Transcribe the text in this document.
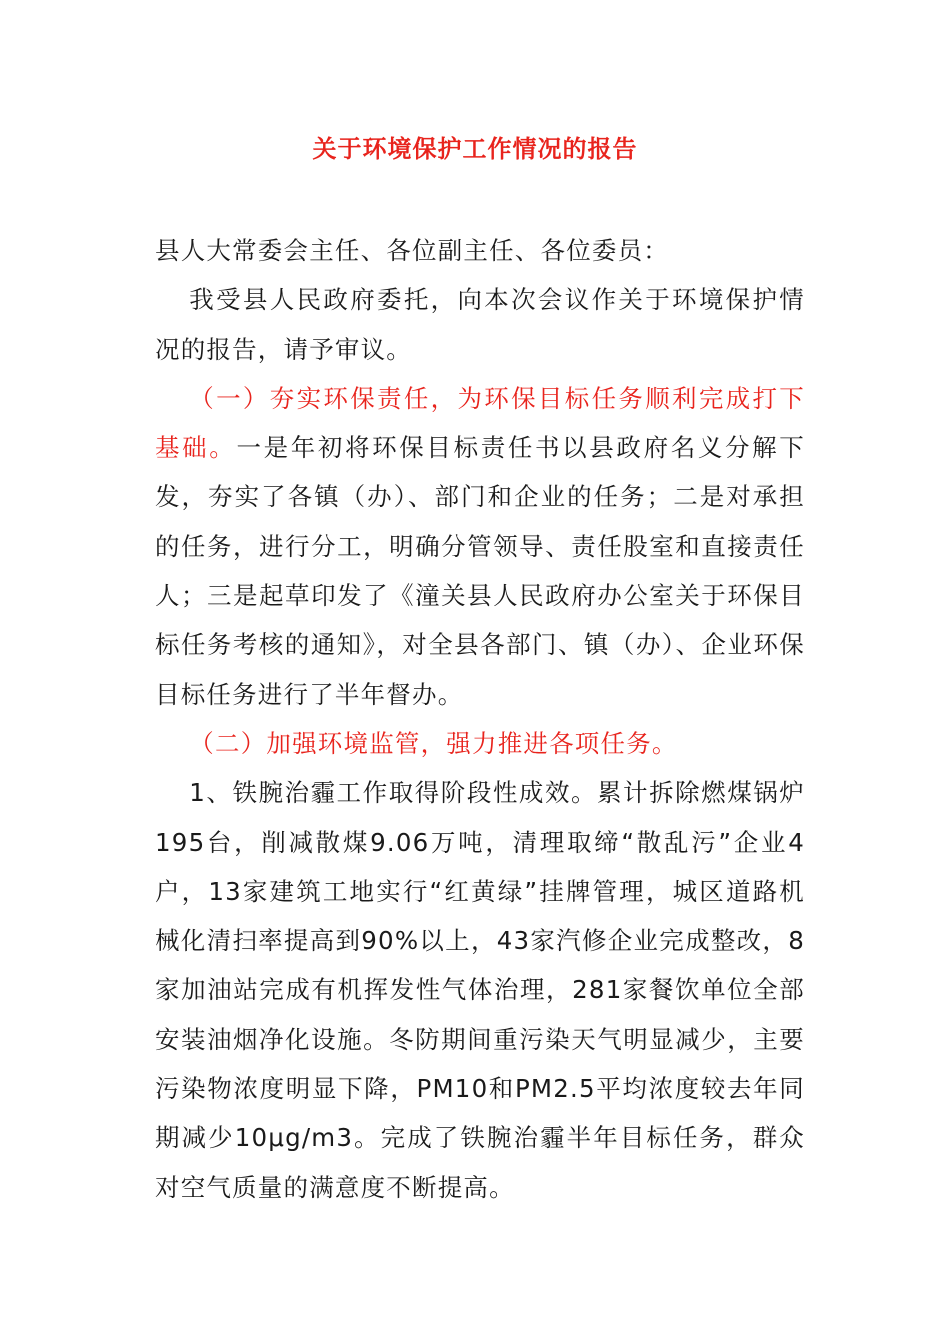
关于环境保护工作情况的报告

县人大常委会主任、各位副主任、各位委员：

我受县人民政府委托，向本次会议作关于环境保护情况的报告，请予审议。

（一）夯实环保责任，为环保目标任务顺利完成打下基础。一是年初将环保目标责任书以县政府名义分解下发，夯实了各镇（办）、部门和企业的任务；二是对承担的任务，进行分工，明确分管领导、责任股室和直接责任人；三是起草印发了《潼关县人民政府办公室关于环保目标任务考核的通知》，对全县各部门、镇（办）、企业环保目标任务进行了半年督办。

（二）加强环境监管，强力推进各项任务。

1、铁腕治霾工作取得阶段性成效。累计拆除燃煤锅炉195台，削减散煤9.06万吨，清理取缔“散乱污”企业4户，13家建筑工地实行“红黄绿”挂牌管理，城区道路机械化清扫率提高到90%以上，43家汽修企业完成整改，8家加油站完成有机挥发性气体治理，281家餐饮单位全部安装油烟净化设施。冬防期间重污染天气明显减少，主要污染物浓度明显下降，PM10和PM2.5平均浓度较去年同期减少10μg/m3。完成了铁腕治霾半年目标任务，群众对空气质量的满意度不断提高。
